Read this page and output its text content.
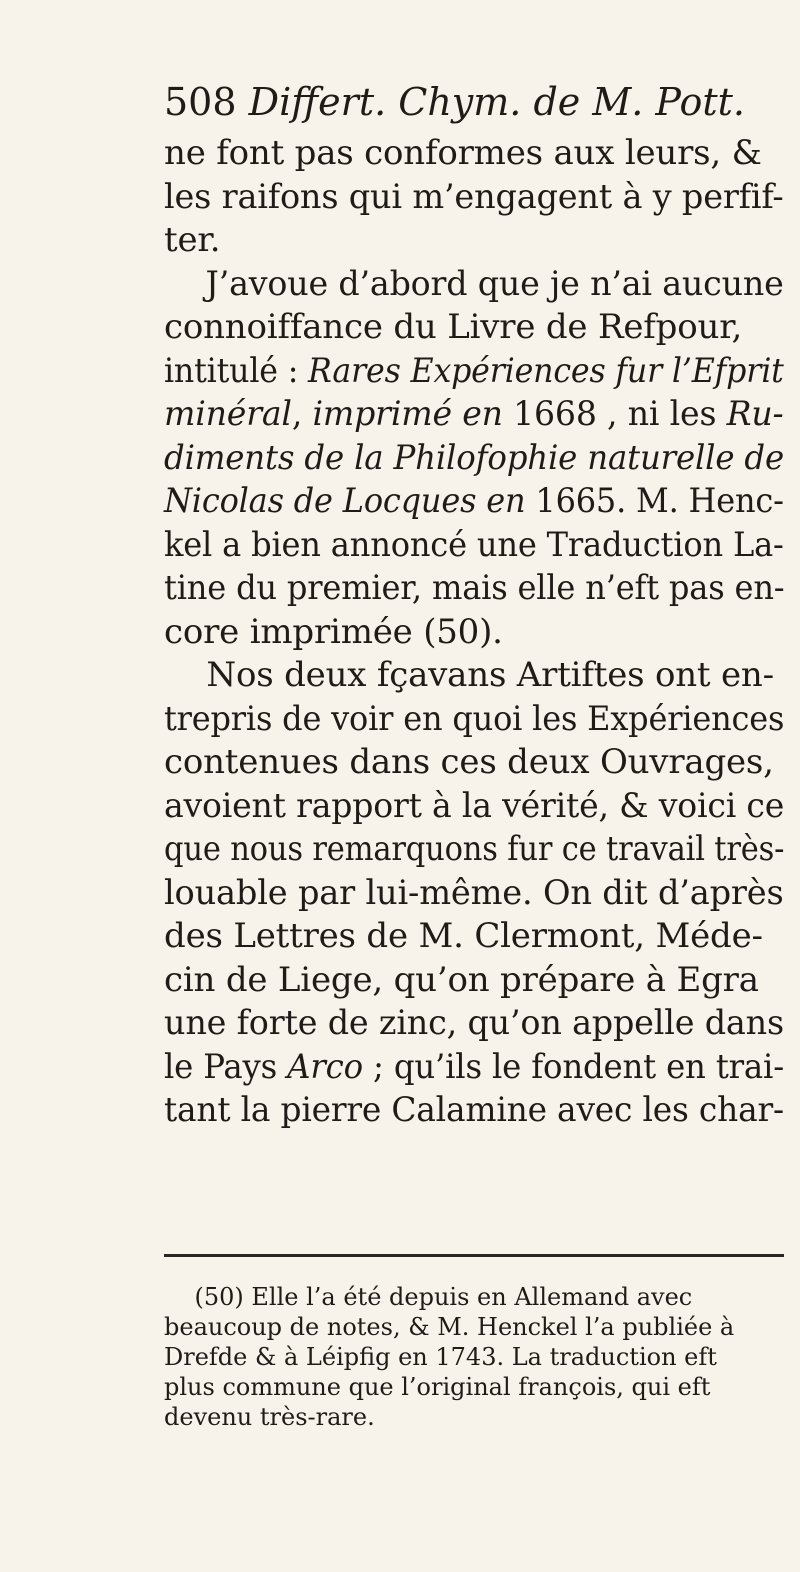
508 Differt. Chym. de M. Pott.
ne font pas conformes aux leurs, &
les raifons qui m’engagent à y perfif-
ter.
J’avoue d’abord que je n’ai aucune
connoiffance du Livre de Refpour,
intitulé : Rares Expériences fur l’Efprit
minéral, imprimé en 1668 , ni les Ru-
diments de la Philofophie naturelle de
Nicolas de Locques en 1665. M. Henc-
kel a bien annoncé une Traduction La-
tine du premier, mais elle n’eft pas en-
core imprimée (50).
Nos deux fçavans Artiftes ont en-
trepris de voir en quoi les Expériences
contenues dans ces deux Ouvrages,
avoient rapport à la vérité, & voici ce
que nous remarquons fur ce travail très-
louable par lui-même. On dit d’après
des Lettres de M. Clermont, Méde-
cin de Liege, qu’on prépare à Egra
une forte de zinc, qu’on appelle dans
le Pays Arco ; qu’ils le fondent en trai-
tant la pierre Calamine avec les char-
(50) Elle l’a été depuis en Allemand avec
beaucoup de notes, & M. Henckel l’a publiée à
Drefde & à Léipfig en 1743. La traduction eft
plus commune que l’original françois, qui eft
devenu très-rare.
